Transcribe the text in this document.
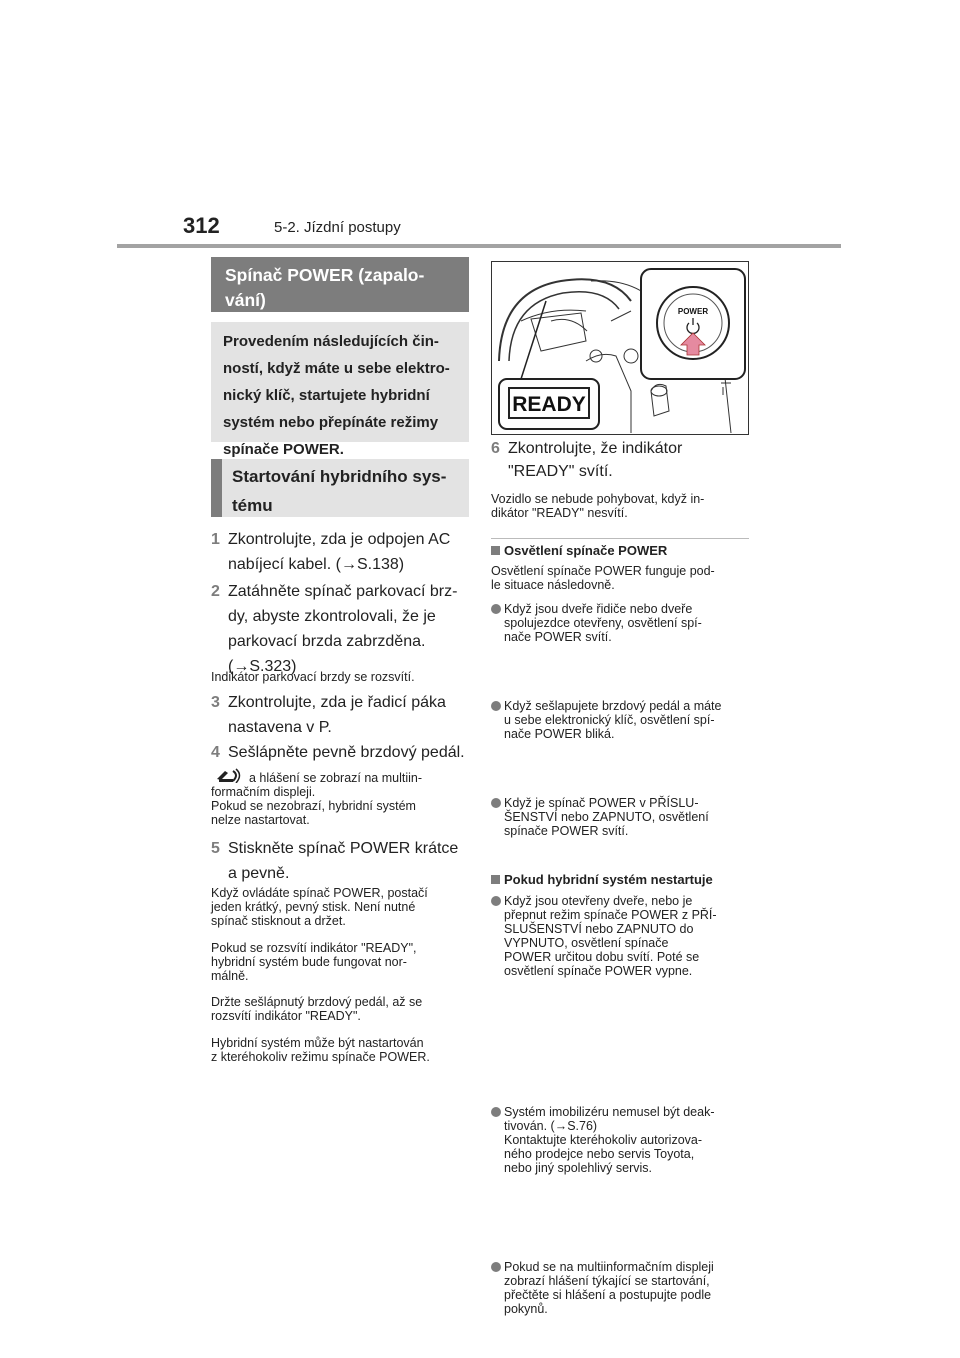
312	5-2. Jízdní postupy
Spínač POWER (zapalo-
vání)
Provedením následujících čin-
ností, když máte u sebe elektro-
nický klíč, startujete hybridní
systém nebo přepínáte režimy
spínače POWER.
Startování hybridního sys-
tému
1 Zkontrolujte, zda je odpojen AC
nabíjecí kabel. (→S.138)
2 Zatáhněte spínač parkovací brz-
dy, abyste zkontrolovali, že je
parkovací brzda zabrzděna.
(→S.323)
Indikátor parkovací brzdy se rozsvítí.
3 Zkontrolujte, zda je řadicí páka
nastavena v P.
4 Sešlápněte pevně brzdový pedál.
a hlášení se zobrazí na multiin-
formačním displeji.
Pokud se nezobrazí, hybridní systém
nelze nastartovat.
5 Stiskněte spínač POWER krátce
a pevně.
Když ovládáte spínač POWER, postačí
jeden krátký, pevný stisk. Není nutné
spínač stisknout a držet.
Pokud se rozsvítí indikátor "READY",
hybridní systém bude fungovat nor-
málně.
Držte sešlápnutý brzdový pedál, až se
rozsvítí indikátor "READY".
Hybridní systém může být nastartován
z kteréhokoliv režimu spínače POWER.
READY
POWER
6 Zkontrolujte, že indikátor
"READY" svítí.
Vozidlo se nebude pohybovat, když in-
dikátor "READY" nesvítí.
Osvětlení spínače POWER
Osvětlení spínače POWER funguje pod-
le situace následovně.
Když jsou dveře řidiče nebo dveře
spolujezdce otevřeny, osvětlení spí-
nače POWER svítí.
Když sešlapujete brzdový pedál a máte
u sebe elektronický klíč, osvětlení spí-
nače POWER bliká.
Když je spínač POWER v PŘÍSLU-
ŠENSTVÍ nebo ZAPNUTO, osvětlení
spínače POWER svítí.
Když jsou otevřeny dveře, nebo je
přepnut režim spínače POWER z PŘÍ-
SLUŠENSTVÍ nebo ZAPNUTO do
VYPNUTO, osvětlení spínače
POWER určitou dobu svítí. Poté se
osvětlení spínače POWER vypne.
Pokud hybridní systém nestartuje
Systém imobilizéru nemusel být deak-
tivován. (→S.76)
Kontaktujte kteréhokoliv autorizova-
ného prodejce nebo servis Toyota,
nebo jiný spolehlivý servis.
Pokud se na multiinformačním displeji
zobrazí hlášení týkající se startování,
přečtěte si hlášení a postupujte podle
pokynů.
